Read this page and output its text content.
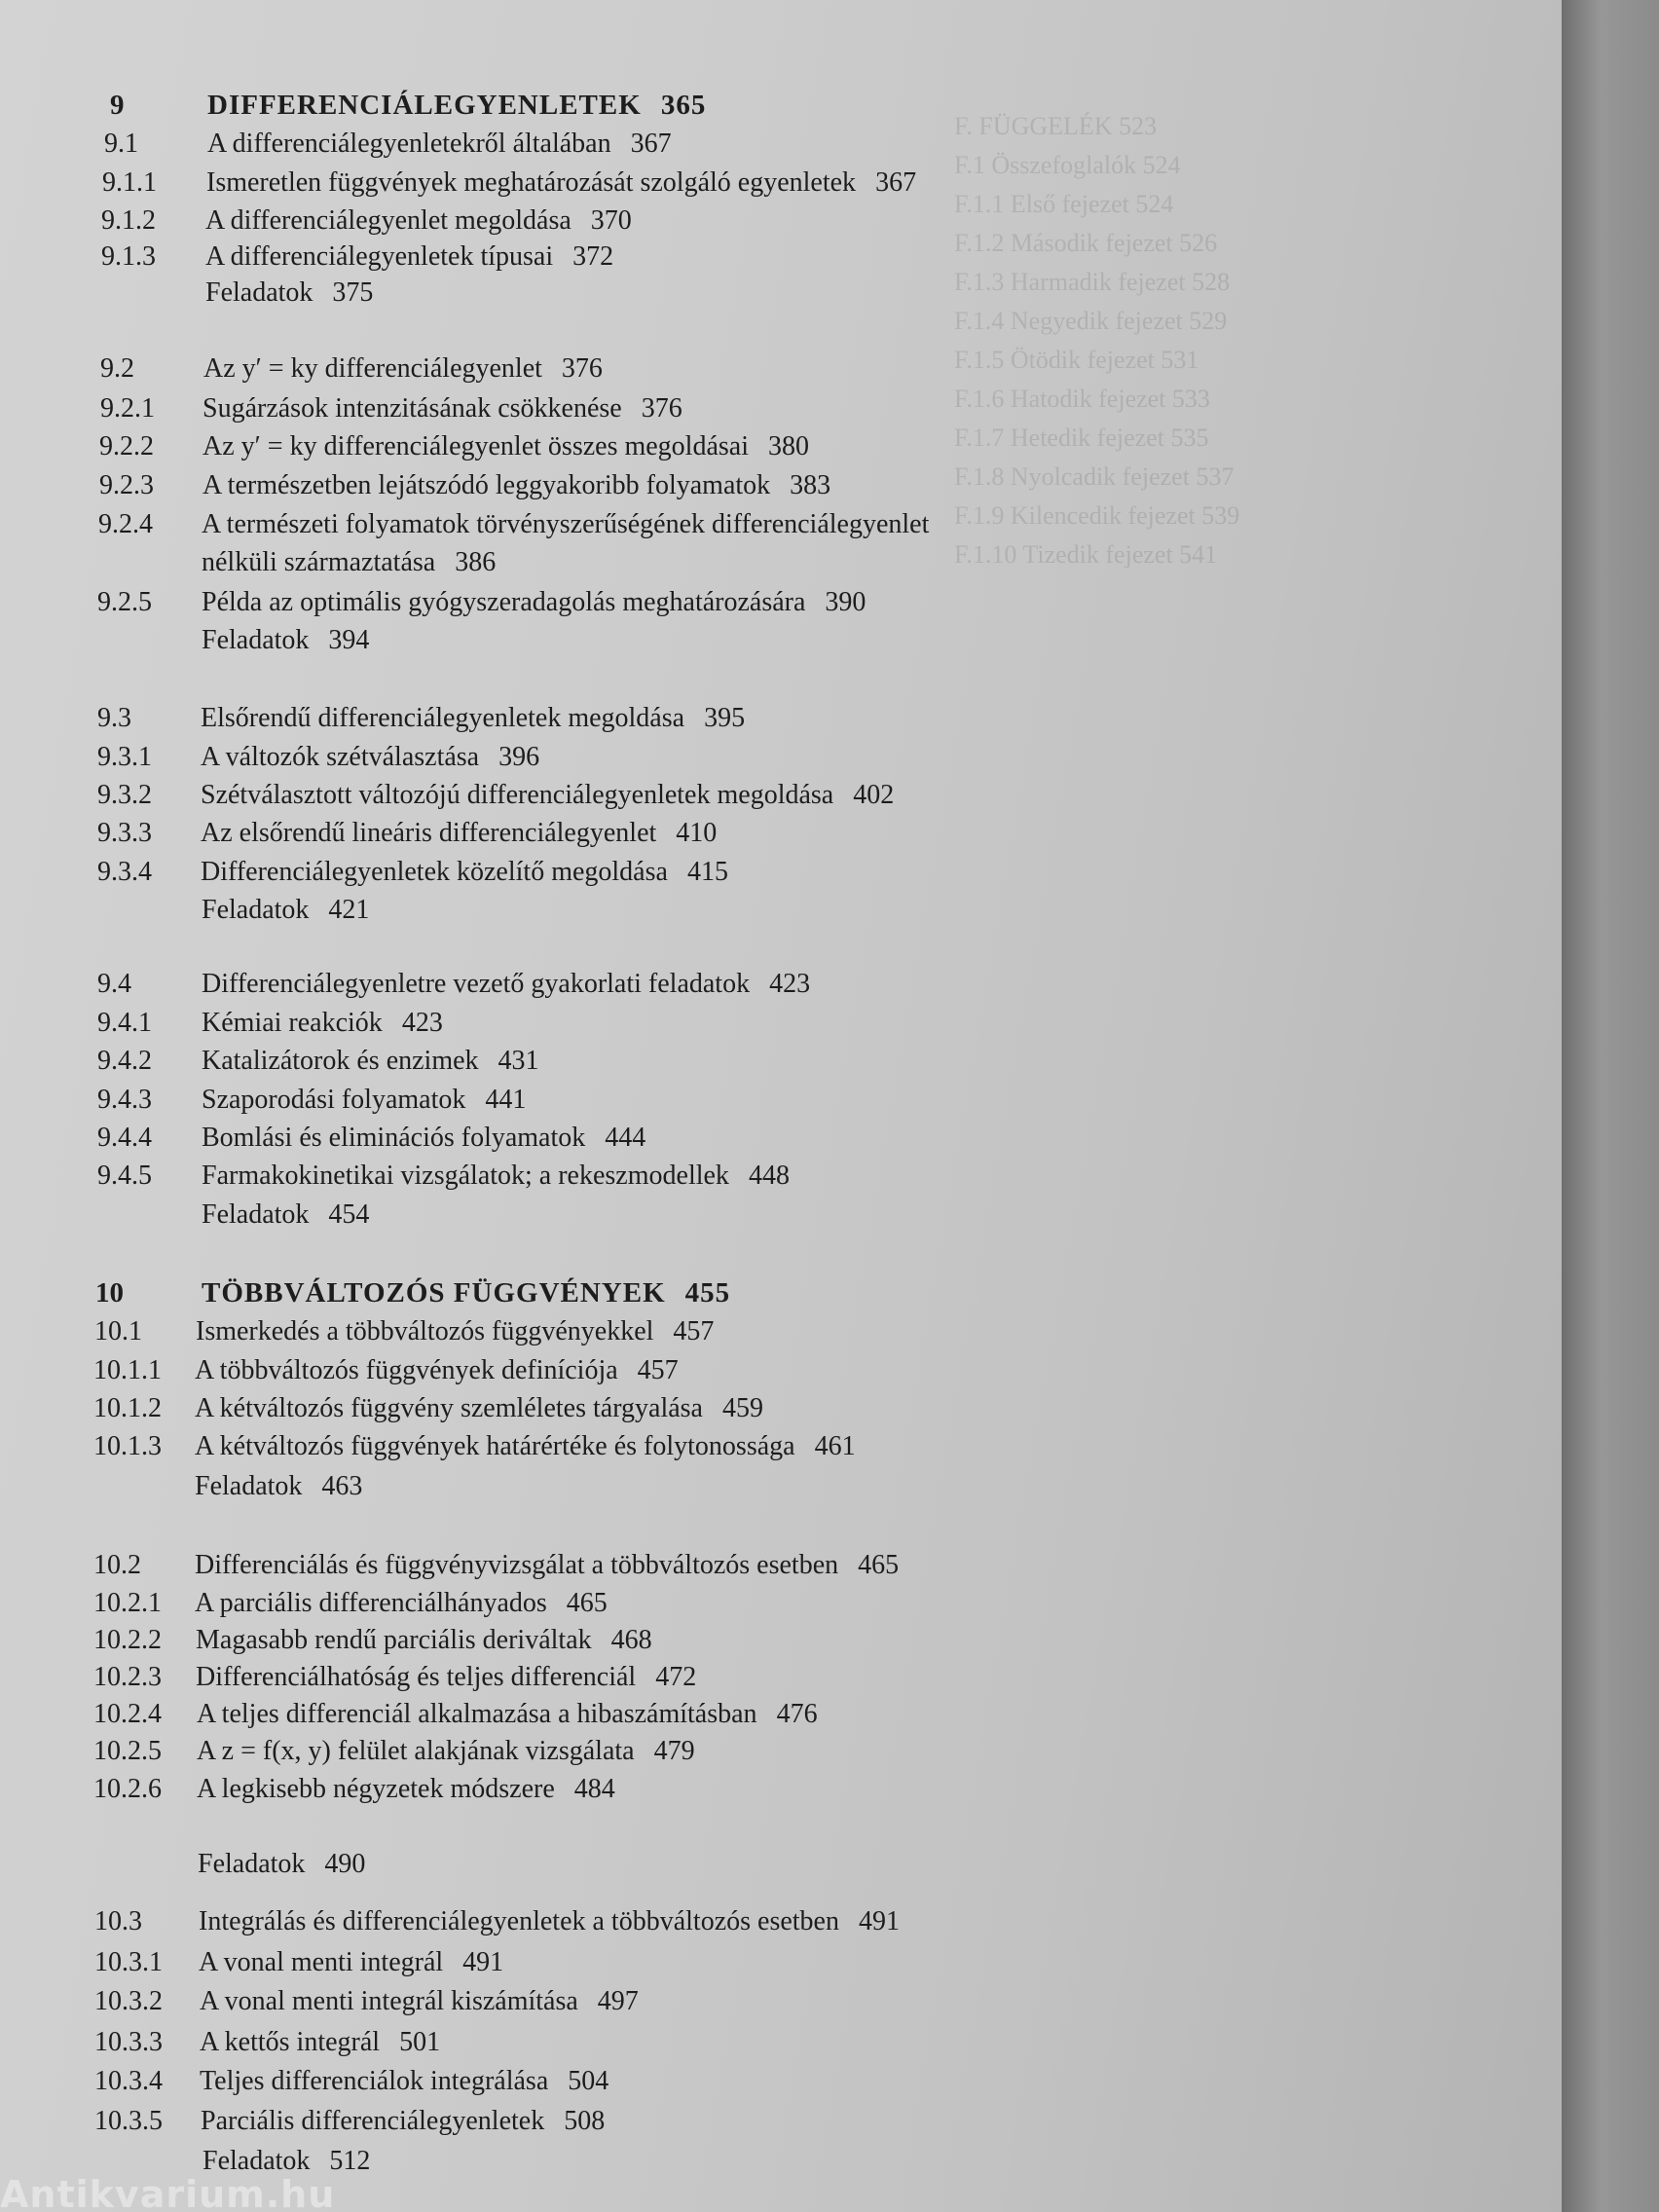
F. FÜGGELÉK 523
F.1 Összefoglalók 524
F.1.1 Első fejezet 524
F.1.2 Második fejezet 526
F.1.3 Harmadik fejezet 528
F.1.4 Negyedik fejezet 529
F.1.5 Ötödik fejezet 531
F.1.6 Hatodik fejezet 533
F.1.7 Hetedik fejezet 535
F.1.8 Nyolcadik fejezet 537
F.1.9 Kilencedik fejezet 539
F.1.10 Tizedik fejezet 541
9	DIFFERENCIÁLEGYENLETEK 365
9.1	A differenciálegyenletekről általában 367
9.1.1 Ismeretlen függvények meghatározását szolgáló egyenletek 367
9.1.2 A differenciálegyenlet megoldása 370
9.1.3 A differenciálegyenletek típusai 372
Feladatok 375
9.2	Az y′ = ky differenciálegyenlet 376
9.2.1 Sugárzások intenzitásának csökkenése 376
9.2.2 Az y′ = ky differenciálegyenlet összes megoldásai 380
9.2.3 A természetben lejátszódó leggyakoribb folyamatok 383
9.2.4 A természeti folyamatok törvényszerűségének differenciálegyenlet
nélküli származtatása 386
9.2.5 Példa az optimális gyógyszeradagolás meghatározására 390
Feladatok 394
9.3	Elsőrendű differenciálegyenletek megoldása 395
9.3.1 A változók szétválasztása 396
9.3.2 Szétválasztott változójú differenciálegyenletek megoldása 402
9.3.3 Az elsőrendű lineáris differenciálegyenlet 410
9.3.4 Differenciálegyenletek közelítő megoldása 415
Feladatok 421
9.4	Differenciálegyenletre vezető gyakorlati feladatok 423
9.4.1 Kémiai reakciók 423
9.4.2 Katalizátorok és enzimek 431
9.4.3 Szaporodási folyamatok 441
9.4.4 Bomlási és eliminációs folyamatok 444
9.4.5 Farmakokinetikai vizsgálatok; a rekeszmodellek 448
Feladatok 454
10	TÖBBVÁLTOZÓS FÜGGVÉNYEK 455
10.1 Ismerkedés a többváltozós függvényekkel 457
10.1.1 A többváltozós függvények definíciója 457
10.1.2 A kétváltozós függvény szemléletes tárgyalása 459
10.1.3 A kétváltozós függvények határértéke és folytonossága 461
Feladatok 463
10.2 Differenciálás és függvényvizsgálat a többváltozós esetben 465
10.2.1 A parciális differenciálhányados 465
10.2.2 Magasabb rendű parciális deriváltak 468
10.2.3 Differenciálhatóság és teljes differenciál 472
10.2.4 A teljes differenciál alkalmazása a hibaszámításban 476
10.2.5 A z = f(x, y) felület alakjának vizsgálata 479
10.2.6 A legkisebb négyzetek módszere 484
Feladatok 490
10.3 Integrálás és differenciálegyenletek a többváltozós esetben 491
10.3.1 A vonal menti integrál 491
10.3.2 A vonal menti integrál kiszámítása 497
10.3.3 A kettős integrál 501
10.3.4 Teljes differenciálok integrálása 504
10.3.5 Parciális differenciálegyenletek 508
Feladatok 512
Antikvarium.hu
